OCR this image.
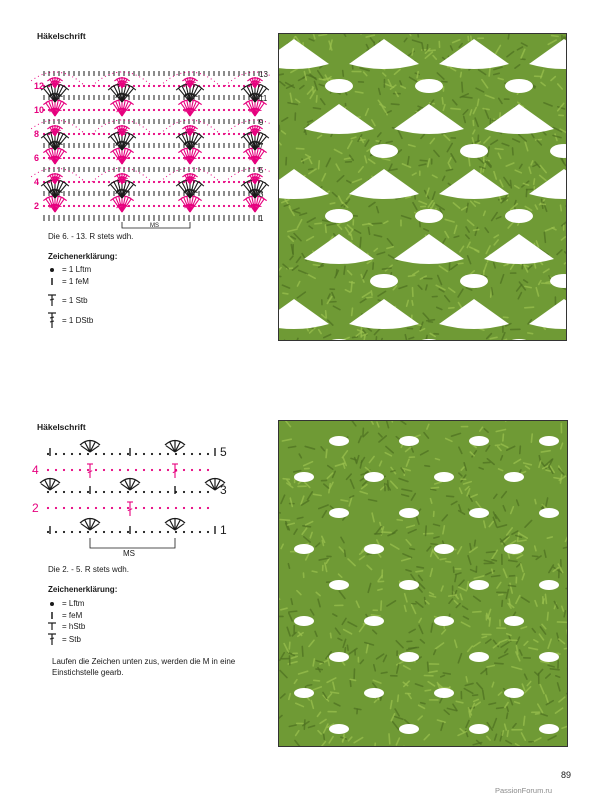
Häkelschrift
12
10
8
6
4
2
13
11
9
7
5
3
1
MS
Die 6. - 13. R stets wdh.
Zeichenerklärung:
= 1 Lftm
= 1 feM
= 1 Stb
= 1 DStb
Häkelschrift
4
2
5
3
1
MS
Die 2. - 5. R stets wdh.
Zeichenerklärung:
= Lftm
= feM
= hStb
= Stb
Laufen die Zeichen unten zus, werden die M in eine Einstichstelle gearb.
89
PassionForum.ru
